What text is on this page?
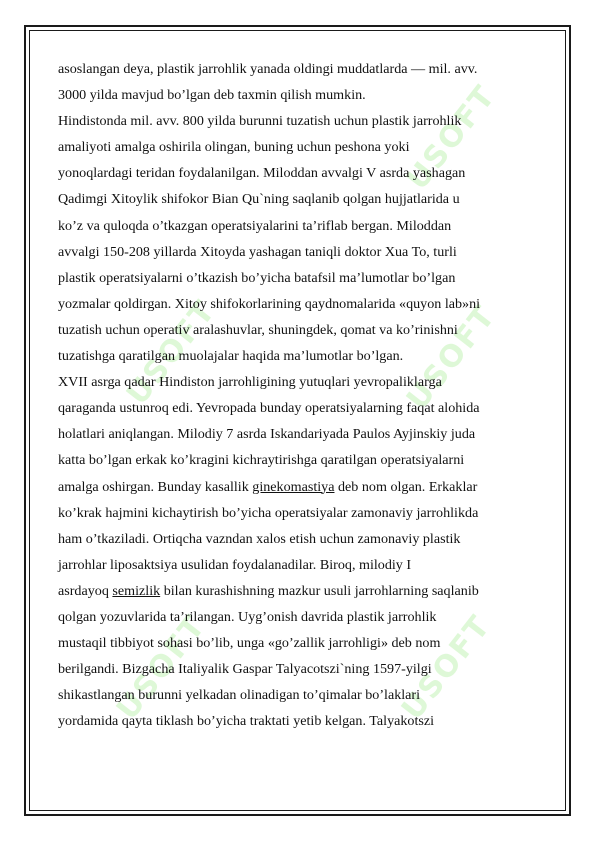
USOFT
USOFT	USOFT
USOFT	USOFT
asoslangan deya, plastik jarrohlik yanada oldingi muddatlarda — mil. avv.
3000 yilda mavjud bo’lgan deb taxmin qilish mumkin.
Hindistonda mil. avv. 800 yilda burunni tuzatish uchun plastik jarrohlik
amaliyoti amalga oshirila olingan, buning uchun peshona yoki
yonoqlardagi teridan foydalanilgan. Miloddan avvalgi V asrda yashagan
Qadimgi Xitoylik shifokor Bian Qu`ning saqlanib qolgan hujjatlarida u
ko’z va quloqda o’tkazgan operatsiyalarini ta’riflab bergan. Miloddan
avvalgi 150-208 yillarda Xitoyda yashagan taniqli doktor Xua To, turli
plastik operatsiyalarni o’tkazish bo’yicha batafsil ma’lumotlar bo’lgan
yozmalar qoldirgan. Xitoy shifokorlarining qaydnomalarida «quyon lab»ni
tuzatish uchun operativ aralashuvlar, shuningdek, qomat va ko’rinishni
tuzatishga qaratilgan muolajalar haqida ma’lumotlar bo’lgan.
XVII asrga qadar Hindiston jarrohligining yutuqlari yevropaliklarga
qaraganda ustunroq edi. Yevropada bunday operatsiyalarning faqat alohida
holatlari aniqlangan. Milodiy 7 asrda Iskandariyada Paulos Ayjinskiy juda
katta bo’lgan erkak ko’kragini kichraytirishga qaratilgan operatsiyalarni
amalga oshirgan. Bunday kasallik ginekomastiya deb nom olgan. Erkaklar
ko’krak hajmini kichaytirish bo’yicha operatsiyalar zamonaviy jarrohlikda
ham o’tkaziladi. Ortiqcha vazndan xalos etish uchun zamonaviy plastik
jarrohlar liposaktsiya usulidan foydalanadilar. Biroq, milodiy I
asrdayoq semizlik bilan kurashishning mazkur usuli jarrohlarning saqlanib
qolgan yozuvlarida ta’rilangan. Uyg’onish davrida plastik jarrohlik
mustaqil tibbiyot sohasi bo’lib, unga «go’zallik jarrohligi» deb nom
berilgandi. Bizgacha Italiyalik Gaspar Talyacotszi`ning 1597-yilgi
shikastlangan burunni yelkadan olinadigan to’qimalar bo’laklari
yordamida qayta tiklash bo’yicha traktati yetib kelgan. Talyakotszi
